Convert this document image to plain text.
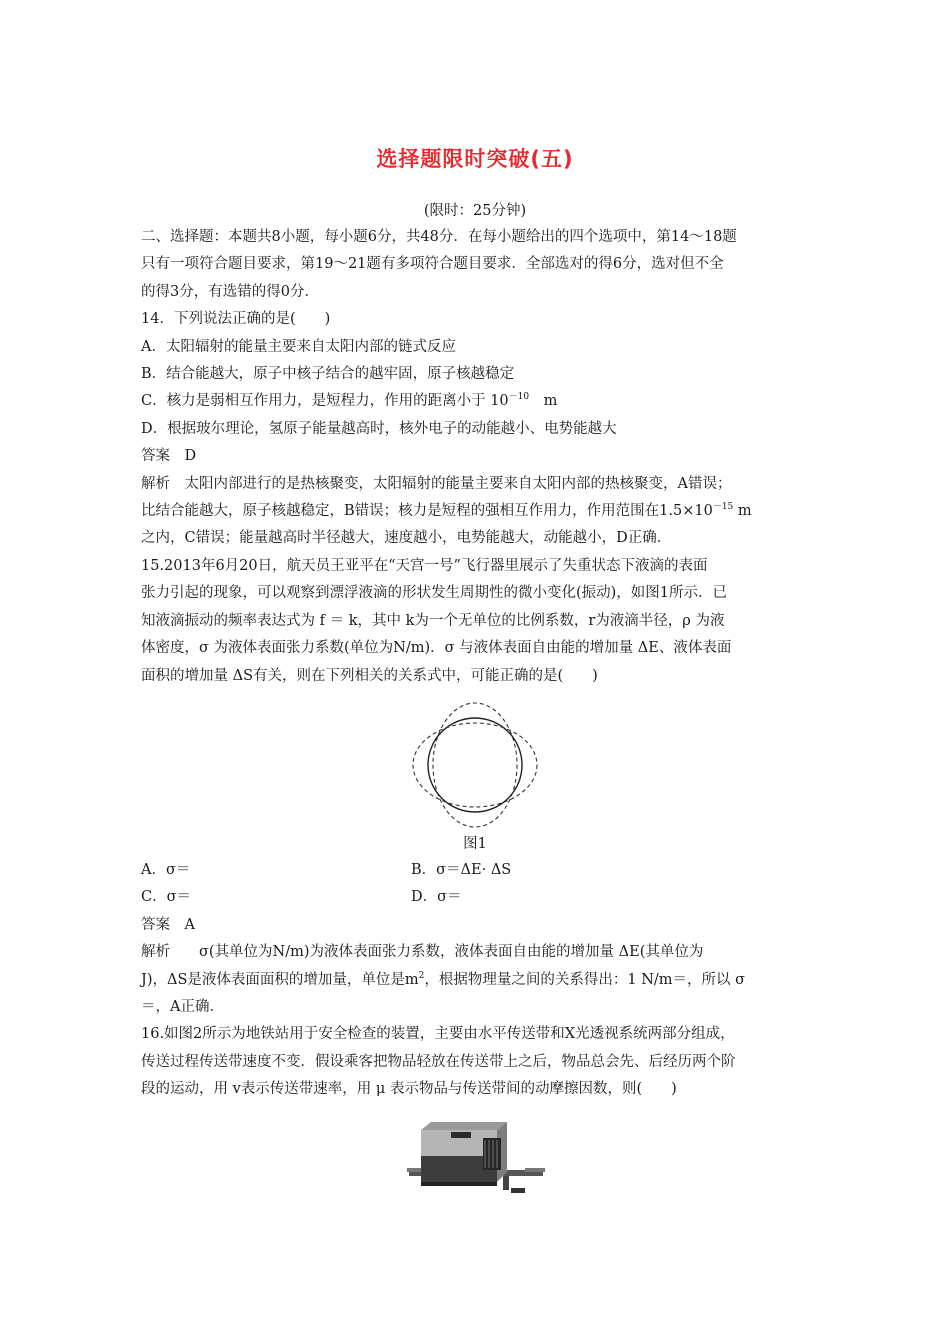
选择题限时突破(五)
(限时：25分钟)

二、选择题：本题共8小题，每小题6分，共48分．在每小题给出的四个选项中，第14～18题

只有一项符合题目要求，第19～21题有多项符合题目要求．全部选对的得6分，选对但不全

的得3分，有选错的得0分．

14．下列说法正确的是(　　)

A．太阳辐射的能量主要来自太阳内部的链式反应

B．结合能越大，原子中核子结合的越牢固，原子核越稳定

C．核力是弱相互作用力，是短程力，作用的距离小于 $10^{-10}$　m

D．根据玻尔理论，氢原子能量越高时，核外电子的动能越小、电势能越大

答案　D

解析　太阳内部进行的是热核聚变，太阳辐射的能量主要来自太阳内部的热核聚变，A错误；

比结合能越大，原子核越稳定，B错误；核力是短程的强相互作用力，作用范围在$1.5\times 10^{-15}$ m

之内，C错误；能量越高时半径越大，速度越小，电势能越大，动能越小，D正确．

15.2013年6月20日，航天员王亚平在“天宫一号”飞行器里展示了失重状态下液滴的表面

张力引起的现象，可以观察到漂浮液滴的形状发生周期性的微小变化(振动)，如图1所示．已

知液滴振动的频率表达式为 f ＝ k，其中 k为一个无单位的比例系数，r为液滴半径，ρ 为液

体密度，σ 为液体表面张力系数(单位为N/m)．σ 与液体表面自由能的增加量 ΔE、液体表面

面积的增加量 ΔS有关，则在下列相关的关系式中，可能正确的是(　　)

图1
A．σ＝	B．σ＝ΔE· ΔS
C．σ＝	D．σ＝

答案　A

解析　　σ(其单位为N/m)为液体表面张力系数，液体表面自由能的增加量 ΔE(其单位为

J)，ΔS是液体表面面积的增加量，单位是$m^2$，根据物理量之间的关系得出：1 N/m＝，所以 σ

＝，A正确．

16.如图2所示为地铁站用于安全检查的装置，主要由水平传送带和X光透视系统两部分组成，

传送过程传送带速度不变．假设乘客把物品轻放在传送带上之后，物品总会先、后经历两个阶

段的运动，用 v表示传送带速率，用 μ 表示物品与传送带间的动摩擦因数，则(　　)
